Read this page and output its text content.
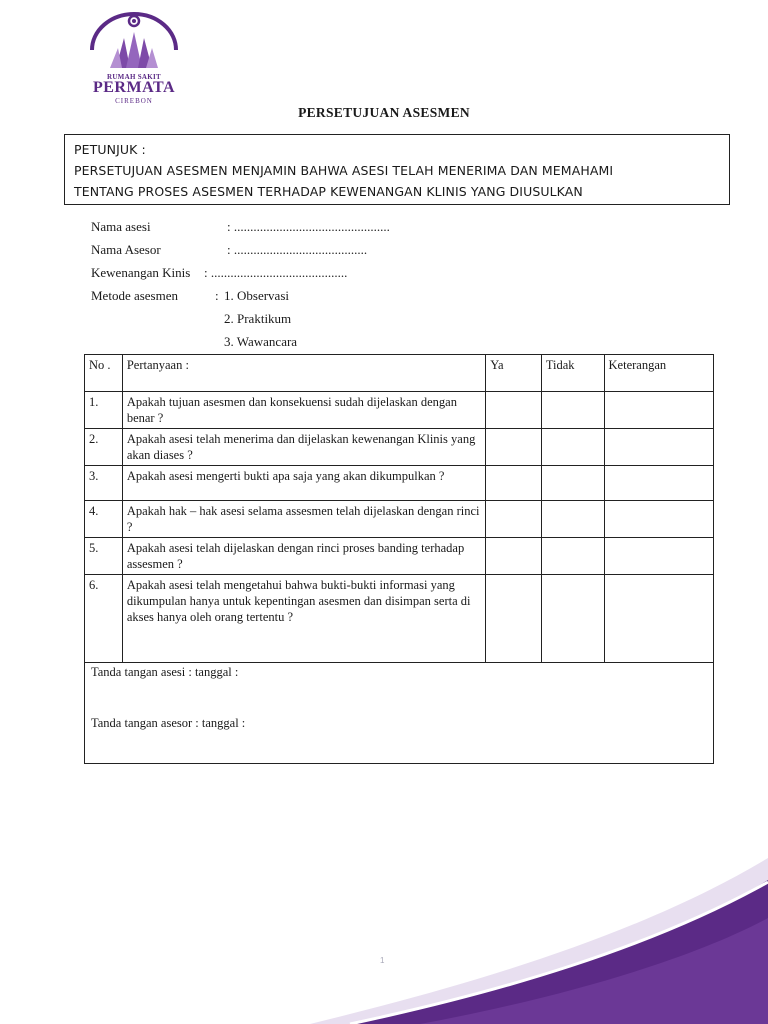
RUMAH SAKIT
PERMATA
CIREBON
PERSETUJUAN ASESMEN
PETUNJUK :
PERSETUJUAN ASESMEN MENJAMIN BAHWA ASESI TELAH MENERIMA DAN MEMAHAMI
TENTANG PROSES ASESMEN TERHADAP KEWENANGAN KLINIS YANG DIUSULKAN
Nama asesi	: ................................................
Nama Asesor	: .........................................
Kewenangan Kinis : ..........................................
Metode asesmen	: 1. Observasi
2. Praktikum
3. Wawancara
No .	Pertanyaan :	Ya	Tidak	Keterangan
1.	Apakah tujuan asesmen dan konsekuensi sudah dijelaskan dengan benar ?			
2.	Apakah asesi telah menerima dan dijelaskan kewenangan Klinis yang akan diases ?			
3.	Apakah asesi mengerti bukti apa saja yang akan dikumpulkan ?			
4.	Apakah hak – hak asesi selama assesmen telah dijelaskan dengan rinci ?			
5.	Apakah asesi telah dijelaskan dengan rinci proses banding terhadap assesmen ?			
6.	Apakah asesi telah mengetahui bahwa bukti-bukti informasi yang dikumpulan hanya untuk kepentingan asesmen dan disimpan serta di akses hanya oleh orang tertentu ?			

Tanda tangan asesi : tanggal :
Tanda tangan asesor : tanggal :				
1
